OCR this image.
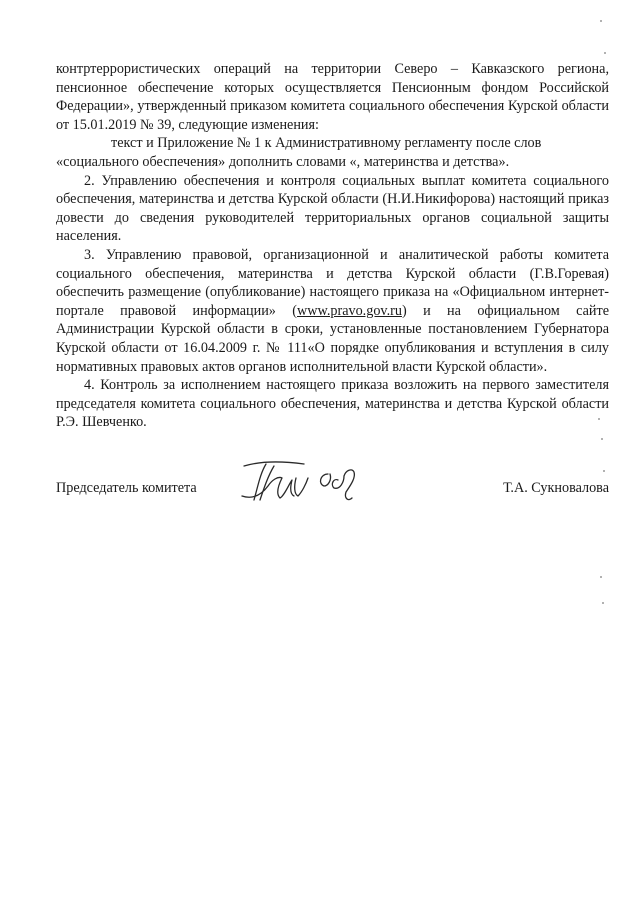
контртеррористических операций на территории Северо – Кавказского региона, пенсионное обеспечение которых осуществляется Пенсионным фондом Российской Федерации», утвержденный приказом комитета социального обеспечения Курской области от 15.01.2019 № 39, следующие изменения:

текст и Приложение № 1 к Административному регламенту после слов

«социального обеспечения» дополнить словами «, материнства и детства».

2. Управлению обеспечения и контроля социальных выплат комитета социального обеспечения, материнства и детства Курской области (Н.И.Никифорова) настоящий приказ довести до сведения руководителей территориальных органов социальной защиты населения.

3. Управлению правовой, организационной и аналитической работы комитета социального обеспечения, материнства и детства Курской области (Г.В.Горевая) обеспечить размещение (опубликование) настоящего приказа на «Официальном интернет-портале правовой информации» (www.pravo.gov.ru) и на официальном сайте Администрации Курской области в сроки, установленные постановлением Губернатора Курской области от 16.04.2009 г. № 111«О порядке опубликования и вступления в силу нормативных правовых актов органов исполнительной власти Курской области».

4. Контроль за исполнением настоящего приказа возложить на первого заместителя председателя комитета социального обеспечения, материнства и детства Курской области Р.Э. Шевченко.

Председатель комитета	Т.А. Сукновалова
